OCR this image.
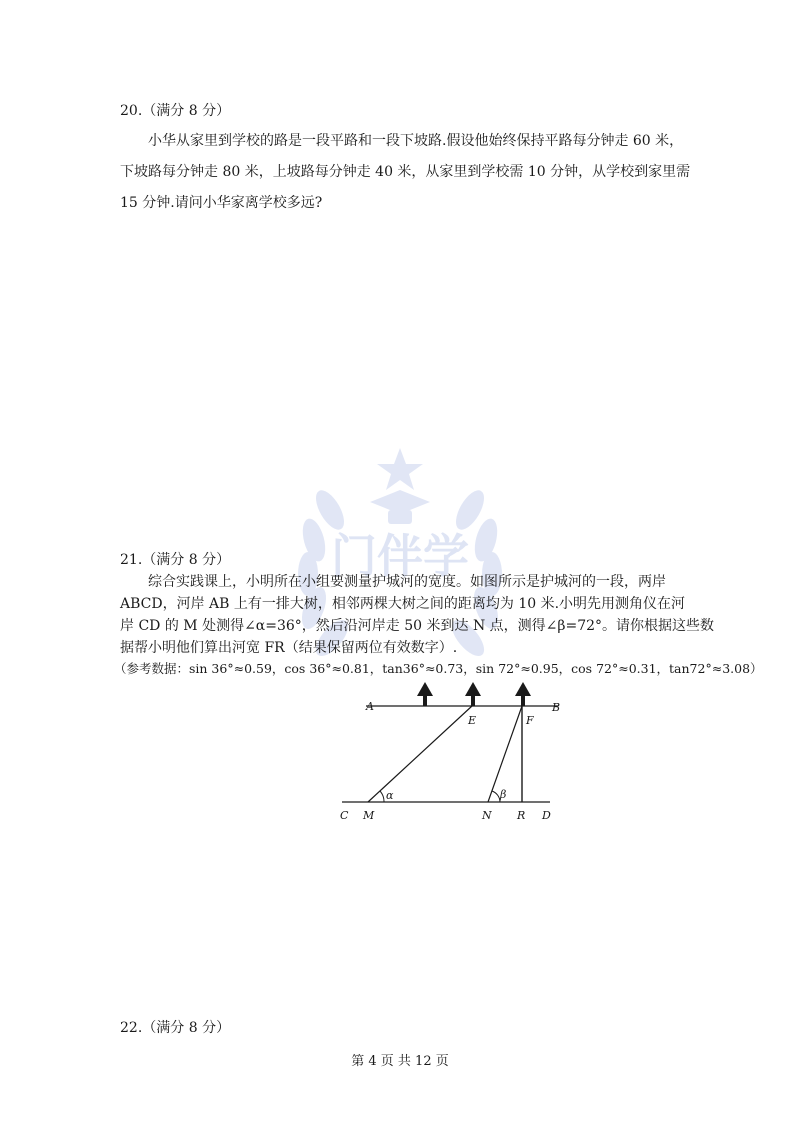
门伴学
20.（满分 8 分）
小华从家里到学校的路是一段平路和一段下坡路.假设他始终保持平路每分钟走 60 米，
下坡路每分钟走 80 米，上坡路每分钟走 40 米，从家里到学校需 10 分钟，从学校到家里需
15 分钟.请问小华家离学校多远?
21.（满分 8 分）
综合实践课上，小明所在小组要测量护城河的宽度。如图所示是护城河的一段，两岸
ABCD，河岸 AB 上有一排大树，相邻两棵大树之间的距离均为 10 米.小明先用测角仪在河
岸 CD 的 M 处测得∠α=36°，然后沿河岸走 50 米到达 N 点，测得∠β=72°。请你根据这些数
据帮小明他们算出河宽 FR（结果保留两位有效数字）.
（参考数据：sin 36°≈0.59，cos 36°≈0.81，tan36°≈0.73，sin 72°≈0.95，cos 72°≈0.31，tan72°≈3.08）
A	B
E	F
α	β
C M	N R D
22.（满分 8 分）
第 4 页 共 12 页
